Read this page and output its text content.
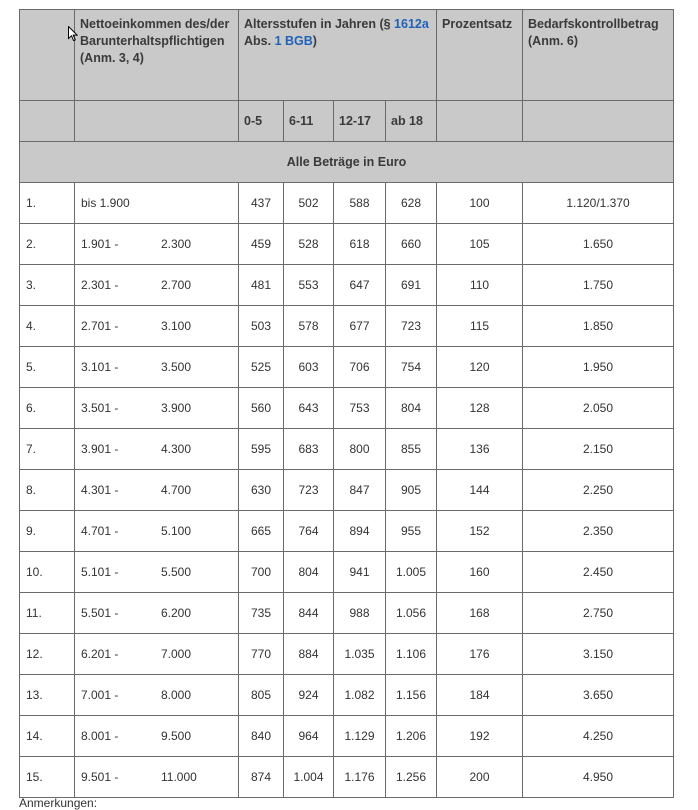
	Nettoeinkommen des/der Barunterhaltspflichtigen (Anm. 3, 4)	Altersstufen in Jahren (§ 1612a Abs. 1 BGB)				Prozentsatz	Bedarfskontrollbetrag (Anm. 6)

		0-5	6-11	12-17	ab 18		

Alle Beträge in Euro							
1.	bis 1.900	437	502	588	628	100	1.120/1.370
2.	1.901 - 2.300	459	528	618	660	105	1.650
3.	2.301 - 2.700	481	553	647	691	110	1.750
4.	2.701 - 3.100	503	578	677	723	115	1.850
5.	3.101 - 3.500	525	603	706	754	120	1.950
6.	3.501 - 3.900	560	643	753	804	128	2.050
7.	3.901 - 4.300	595	683	800	855	136	2.150
8.	4.301 - 4.700	630	723	847	905	144	2.250
9.	4.701 - 5.100	665	764	894	955	152	2.350
10.	5.101 - 5.500	700	804	941	1.005	160	2.450
11.	5.501 - 6.200	735	844	988	1.056	168	2.750
12.	6.201 - 7.000	770	884	1.035	1.106	176	3.150
13.	7.001 - 8.000	805	924	1.082	1.156	184	3.650
14.	8.001 - 9.500	840	964	1.129	1.206	192	4.250
15.	9.501 - 11.000	874	1.004	1.176	1.256	200	4.950
Anmerkungen:
